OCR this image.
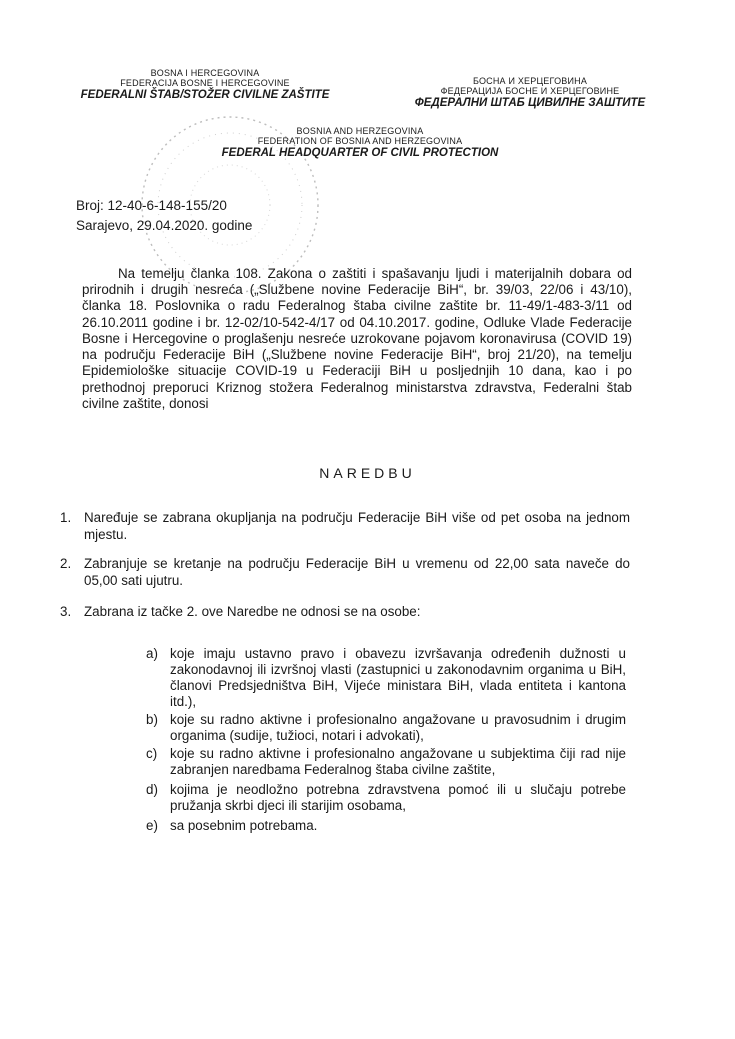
BOSNA I HERCEGOVINA
FEDERACIJA BOSNE I HERCEGOVINE
FEDERALNI ŠTAB/STOŽER CIVILNE ZAŠTITE
БОСНА И ХЕРЦЕГОВИНА
ФЕДЕРАЦИЈА БОСНЕ И ХЕРЦЕГОВИНЕ
ФЕДЕРАЛНИ ШТАБ ЦИВИЛНЕ ЗАШТИТЕ
BOSNIA AND HERZEGOVINA
FEDERATION OF BOSNIA AND HERZEGOVINA
FEDERAL HEADQUARTER OF CIVIL PROTECTION
Broj: 12-40-6-148-155/20
Sarajevo, 29.04.2020. godine

Na temelju članka 108. Zakona o zaštiti i spašavanju ljudi i materijalnih dobara od prirodnih i drugih nesreća („Službene novine Federacije BiH“, br. 39/03, 22/06 i 43/10), članka 18. Poslovnika o radu Federalnog štaba civilne zaštite br. 11-49/1-483-3/11 od 26.10.2011 godine i br. 12-02/10-542-4/17 od 04.10.2017. godine, Odluke Vlade Federacije Bosne i Hercegovine o proglašenju nesreće uzrokovane pojavom koronavirusa (COVID 19) na području Federacije BiH („Službene novine Federacije BiH“, broj 21/20), na temelju Epidemiološke situacije COVID-19 u Federaciji BiH u posljednjih 10 dana, kao i po prethodnoj preporuci Kriznog stožera Federalnog ministarstva zdravstva, Federalni štab civilne zaštite, donosi

NAREDBU
1. Naređuje se zabrana okupljanja na području Federacije BiH više od pet osoba na jednom mjestu.
2. Zabranjuje se kretanje na području Federacije BiH u vremenu od 22,00 sata naveče do 05,00 sati ujutru.
3. Zabrana iz tačke 2. ove Naredbe ne odnosi se na osobe:
a) koje imaju ustavno pravo i obavezu izvršavanja određenih dužnosti u zakonodavnoj ili izvršnoj vlasti (zastupnici u zakonodavnim organima u BiH, članovi Predsjedništva BiH, Vijeće ministara BiH, vlada entiteta i kantona itd.),
b) koje su radno aktivne i profesionalno angažovane u pravosudnim i drugim organima (sudije, tužioci, notari i advokati),
c) koje su radno aktivne i profesionalno angažovane u subjektima čiji rad nije zabranjen naredbama Federalnog štaba civilne zaštite,
d) kojima je neodložno potrebna zdravstvena pomoć ili u slučaju potrebe pružanja skrbi djeci ili starijim osobama,
e) sa posebnim potrebama.
